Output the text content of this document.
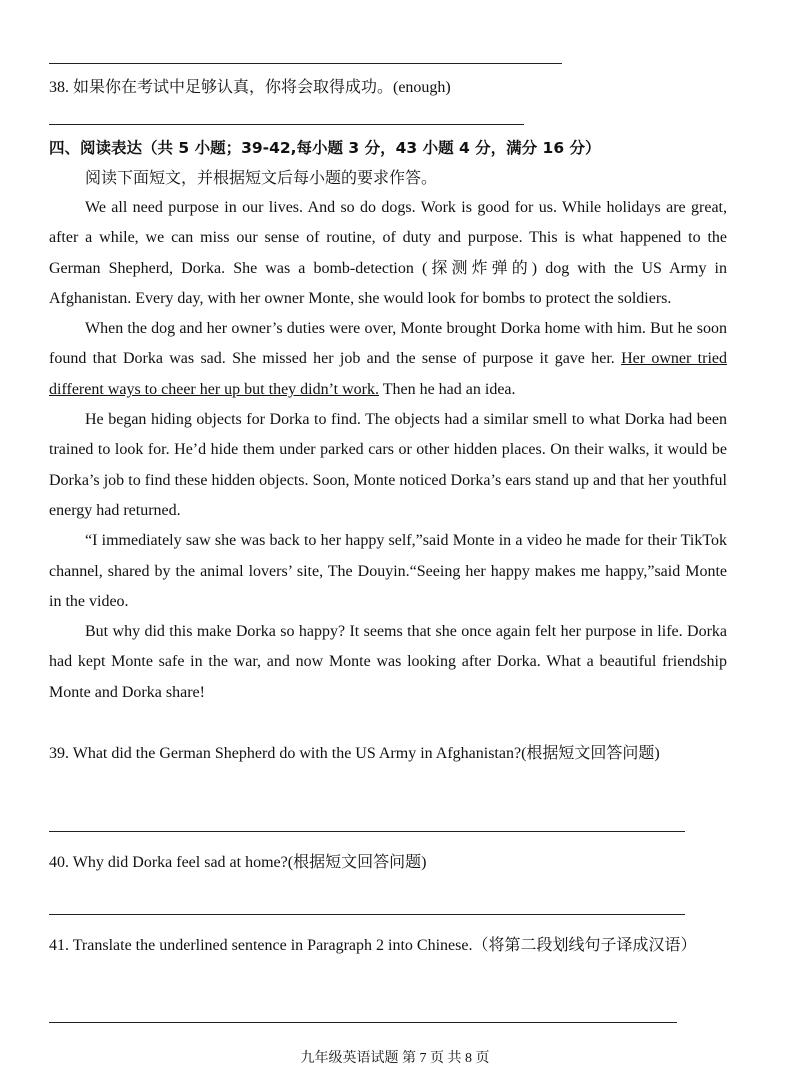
38. 如果你在考试中足够认真，你将会取得成功。(enough)
四、阅读表达（共 5 小题；39-42,每小题 3 分，43 小题 4 分，满分 16 分）
阅读下面短文，并根据短文后每小题的要求作答。

We all need purpose in our lives. And so do dogs. Work is good for us. While holidays are great, after a while, we can miss our sense of routine, of duty and purpose. This is what happened to the German Shepherd, Dorka. She was a bomb-detection (探测炸弹的) dog with the US Army in Afghanistan. Every day, with her owner Monte, she would look for bombs to protect the soldiers.

When the dog and her owner’s duties were over, Monte brought Dorka home with him. But he soon found that Dorka was sad. She missed her job and the sense of purpose it gave her. Her owner tried different ways to cheer her up but they didn’t work. Then he had an idea.

He began hiding objects for Dorka to find. The objects had a similar smell to what Dorka had been trained to look for. He’d hide them under parked cars or other hidden places. On their walks, it would be Dorka’s job to find these hidden objects. Soon, Monte noticed Dorka’s ears stand up and that her youthful energy had returned.

“I immediately saw she was back to her happy self,”said Monte in a video he made for their TikTok channel, shared by the animal lovers’ site, The Douyin.“Seeing her happy makes me happy,”said Monte in the video.

But why did this make Dorka so happy? It seems that she once again felt her purpose in life. Dorka had kept Monte safe in the war, and now Monte was looking after Dorka. What a beautiful friendship Monte and Dorka share!

39. What did the German Shepherd do with the US Army in Afghanistan?(根据短文回答问题)
40. Why did Dorka feel sad at home?(根据短文回答问题)
41. Translate the underlined sentence in Paragraph 2 into Chinese.（将第二段划线句子译成汉语）
九年级英语试题 第 7 页 共 8 页
